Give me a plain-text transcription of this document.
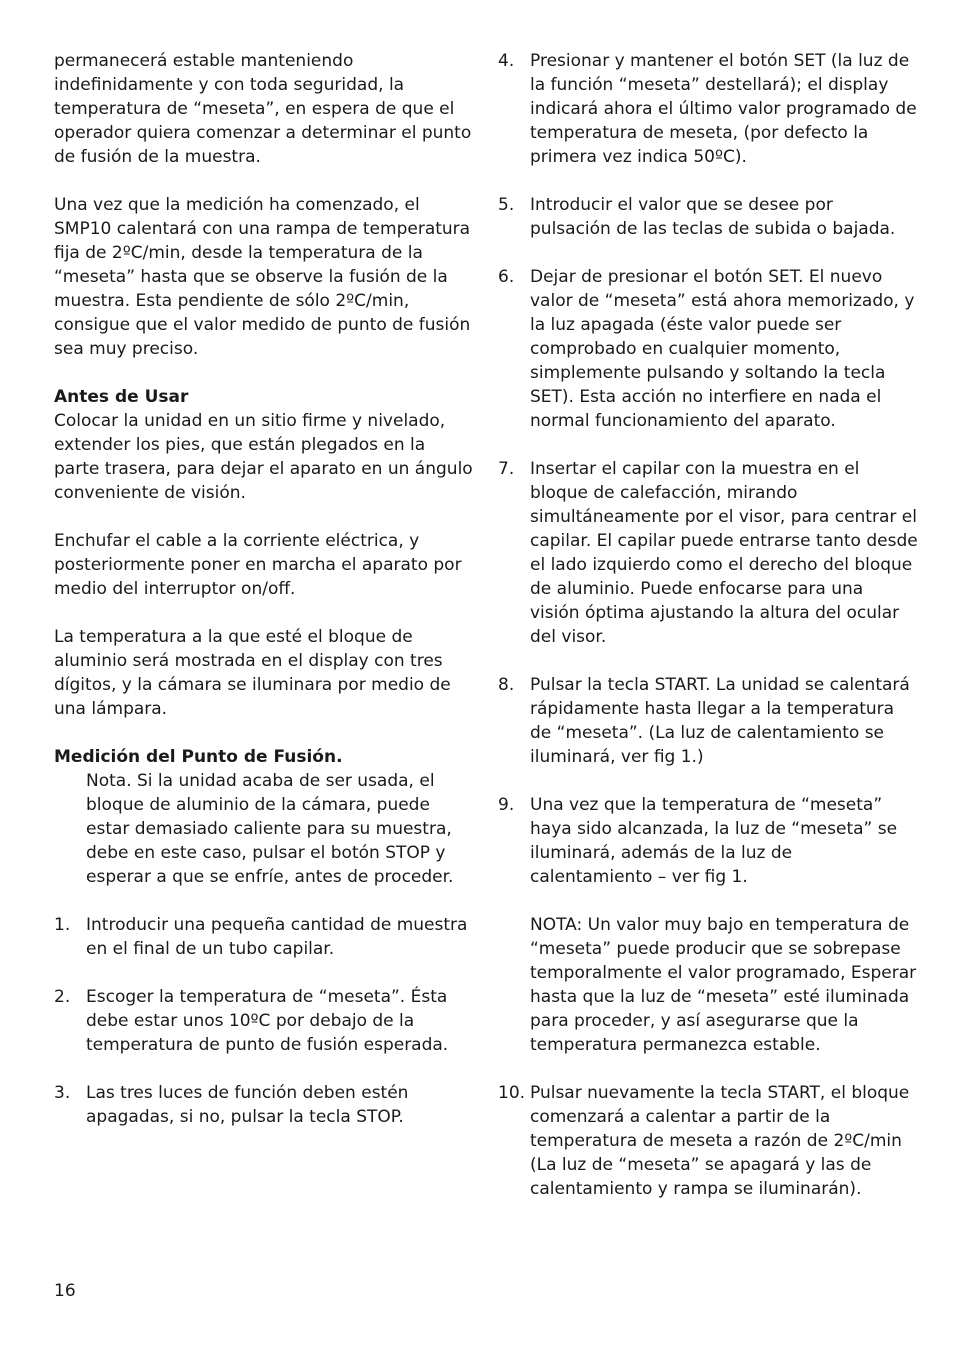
permanecerá estable manteniendo indefinidamente y con toda seguridad, la temperatura de “meseta”, en espera de que el operador quiera comenzar a determinar el punto de fusión de la muestra.

Una vez que la medición ha comenzado, el SMP10 calentará con una rampa de temperatura fija de 2ºC/min, desde la temperatura de la “meseta” hasta que se observe la fusión de la muestra. Esta pendiente de sólo 2ºC/min, consigue que el valor medido de punto de fusión sea muy preciso.

Antes de Usar

Colocar la unidad en un sitio firme y nivelado, extender los pies, que están plegados en la parte trasera, para dejar el aparato en un ángulo conveniente de visión.

Enchufar el cable a la corriente eléctrica, y posteriormente poner en marcha el aparato por medio del interruptor on/off.

La temperatura a la que esté el bloque de aluminio será mostrada en el display con tres dígitos, y la cámara se iluminara por medio de una lámpara.

Medición del Punto de Fusión.

Nota. Si la unidad acaba de ser usada, el bloque de aluminio de la cámara, puede estar demasiado caliente para su muestra, debe en este caso, pulsar el botón STOP y esperar a que se enfríe, antes de proceder.

1. Introducir una pequeña cantidad de muestra en el final de un tubo capilar.
2. Escoger la temperatura de “meseta”. Ésta debe estar unos 10ºC por debajo de la temperatura de punto de fusión esperada.
3. Las tres luces de función deben estén apagadas, si no, pulsar la tecla STOP.
4. Presionar y mantener el botón SET (la luz de la función “meseta” destellará); el display indicará ahora el último valor programado de temperatura de meseta, (por defecto la primera vez indica 50ºC).
5. Introducir el valor que se desee por pulsación de las teclas de subida o bajada.
6. Dejar de presionar el botón SET. El nuevo valor de “meseta” está ahora memorizado, y la luz apagada (éste valor puede ser comprobado en cualquier momento, simplemente pulsando y soltando la tecla SET). Esta acción no interfiere en nada el normal funcionamiento del aparato.
7. Insertar el capilar con la muestra en el bloque de calefacción, mirando simultáneamente por el visor, para centrar el capilar. El capilar puede entrarse tanto desde el lado izquierdo como el derecho del bloque de aluminio. Puede enfocarse para una visión óptima ajustando la altura del ocular del visor.
8. Pulsar la tecla START. La unidad se calentará rápidamente hasta llegar a la temperatura de “meseta”. (La luz de calentamiento se iluminará, ver fig 1.)
9. Una vez que la temperatura de “meseta” haya sido alcanzada, la luz de “meseta” se iluminará, además de la luz de calentamiento – ver fig 1.
NOTA: Un valor muy bajo en temperatura de “meseta” puede producir que se sobrepase temporalmente el valor programado, Esperar hasta que la luz de “meseta” esté iluminada para proceder, y así asegurarse que la temperatura permanezca estable.
10. Pulsar nuevamente la tecla START, el bloque comenzará a calentar a partir de la temperatura de meseta a razón de 2ºC/min (La luz de “meseta” se apagará y las de calentamiento y rampa se iluminarán).
16
